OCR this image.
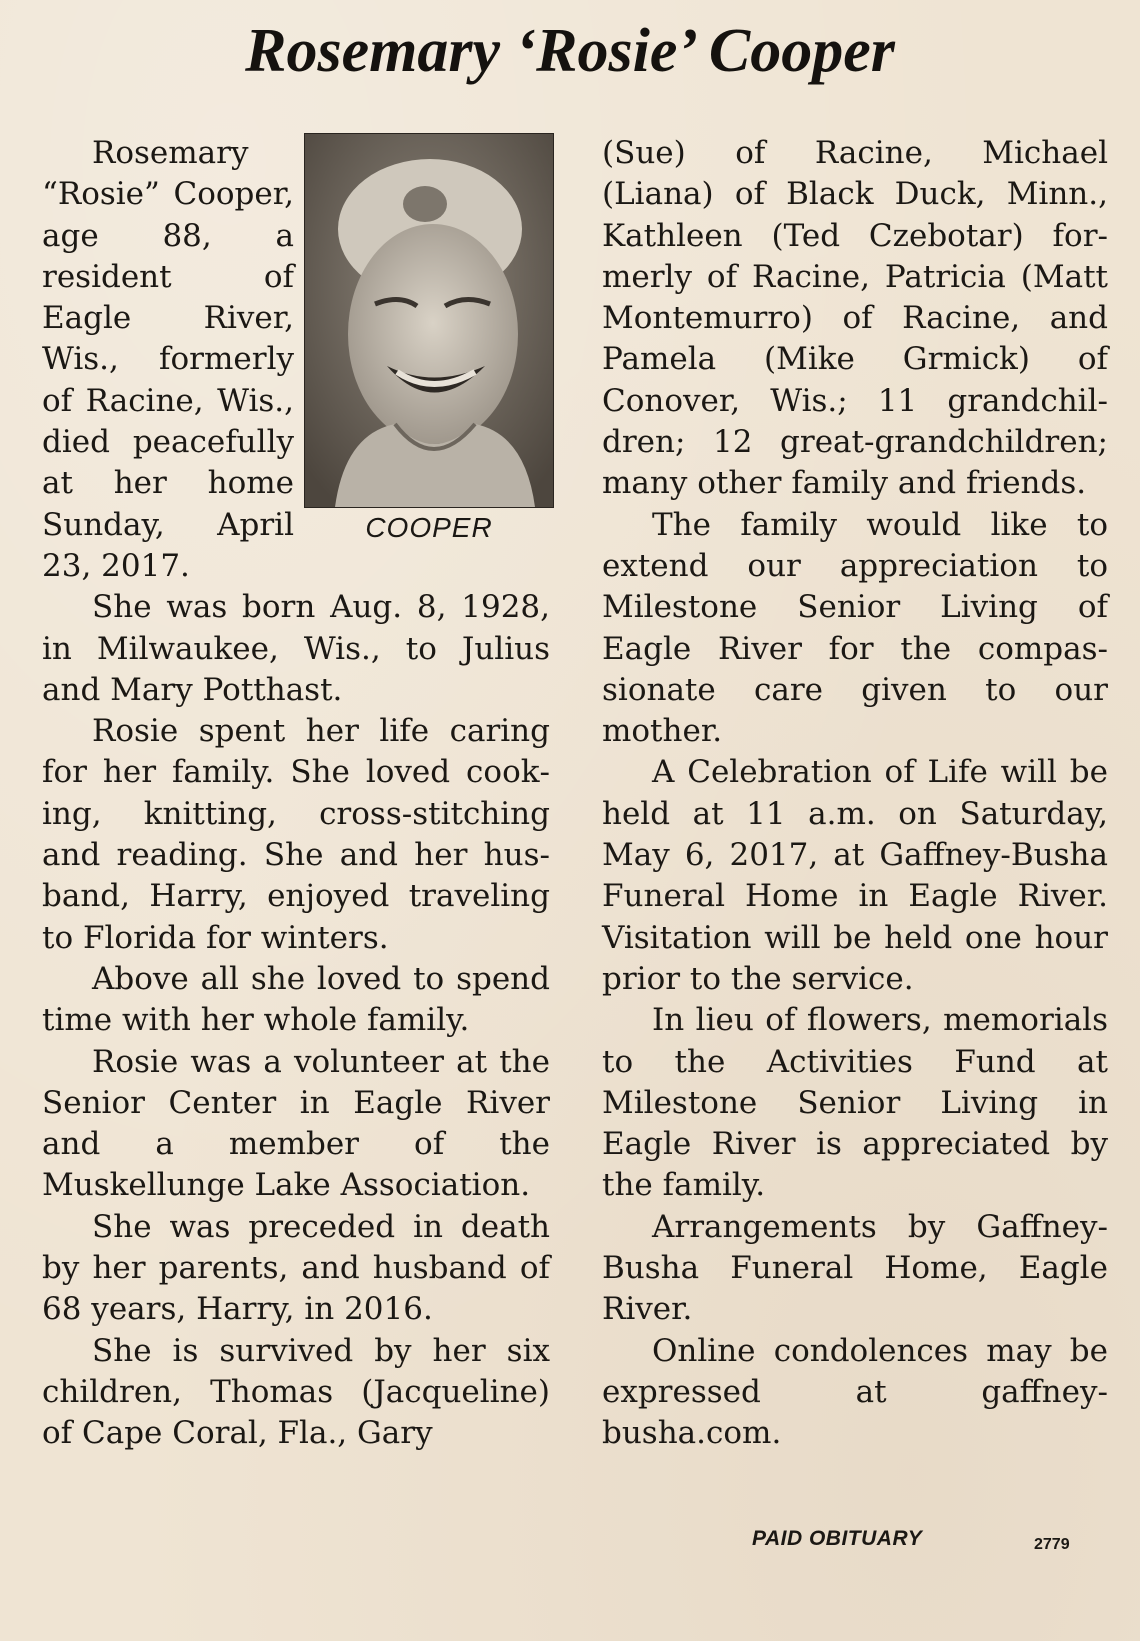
Rosemary ‘Rosie’ Cooper
COOPER

Rosemary “Rosie” Cooper, age 88, a resident of Eagle River, Wis., formerly of Racine, Wis., died peacefully at her home Sunday, April 23, 2017.

She was born Aug. 8, 1928, in Milwaukee, Wis., to Julius and Mary Potthast.

Rosie spent her life caring for her family. She loved cooking, knitting, cross-stitching and reading. She and her husband, Harry, enjoyed traveling to Florida for winters.

Above all she loved to spend time with her whole family.

Rosie was a volunteer at the Senior Center in Eagle River and a member of the Muskellunge Lake Association.

She was preceded in death by her parents, and husband of 68 years, Harry, in 2016.

She is survived by her six children, Thomas (Jacqueline) of Cape Coral, Fla., Gary

(Sue) of Racine, Michael (Liana) of Black Duck, Minn., Kathleen (Ted Czebotar) formerly of Racine, Patricia (Matt Montemurro) of Racine, and Pamela (Mike Grmick) of Conover, Wis.; 11 grandchildren; 12 great-grandchildren; many other family and friends.

The family would like to extend our appreciation to Milestone Senior Living of Eagle River for the compassionate care given to our mother.

A Celebration of Life will be held at 11 a.m. on Saturday, May 6, 2017, at Gaffney-Busha Funeral Home in Eagle River. Visitation will be held one hour prior to the service.

In lieu of flowers, memorials to the Activities Fund at Milestone Senior Living in Eagle River is appreciated by the family.

Arrangements by Gaffney-Busha Funeral Home, Eagle River.

Online condolences may be expressed at gaffney-busha.com.

PAID OBITUARY	2779
